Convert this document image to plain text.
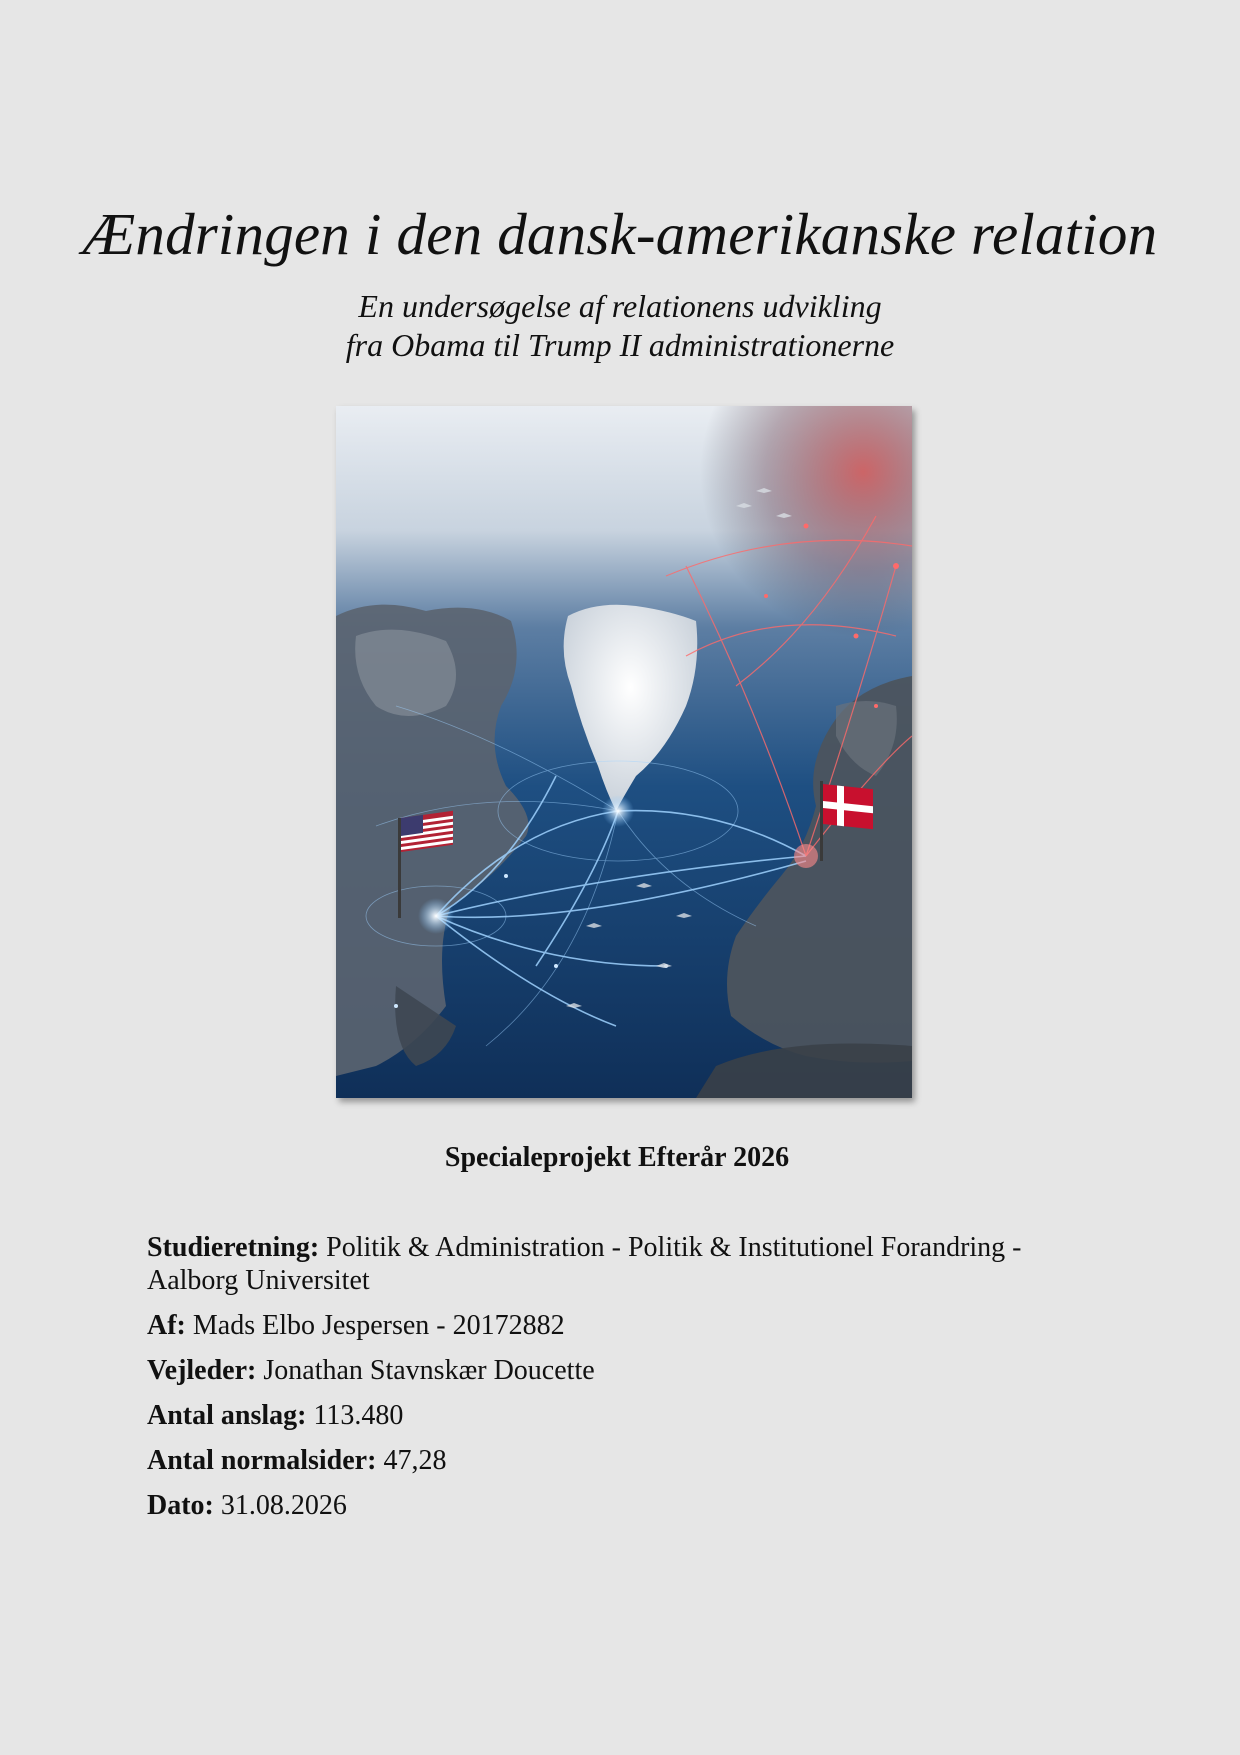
Ændringen i den dansk-amerikanske relation
En undersøgelse af relationens udvikling
fra Obama til Trump II administrationerne
Specialeprojekt Efterår 2026
Studieretning: Politik & Administration - Politik & Institutionel Forandring - Aalborg Universitet
Af: Mads Elbo Jespersen - 20172882
Vejleder: Jonathan Stavnskær Doucette
Antal anslag: 113.480
Antal normalsider: 47,28
Dato: 31.08.2026
